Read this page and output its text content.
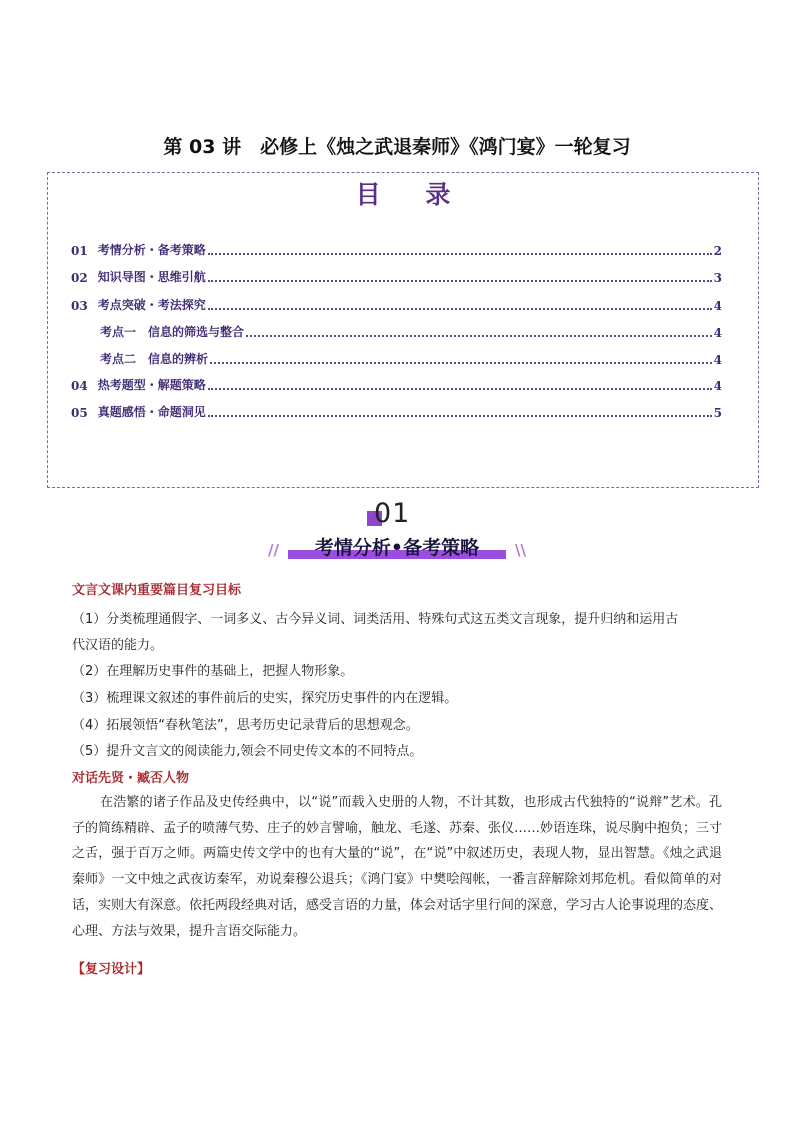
第 03 讲　必修上《烛之武退秦师》《鸿门宴》一轮复习
目 录
01 考情分析・备考策略	2
02 知识导图・思维引航	3
03 考点突破・考法探究	4
考点一　信息的筛选与整合	4
考点二　信息的辨析	4
04 热考题型・解题策略	4
05 真题感悟・命题洞见	5
01
//	考情分析•备考策略	\\
文言文课内重要篇目复习目标
（1）分类梳理通假字、一词多义、古今异义词、词类活用、特殊句式这五类文言现象，提升归纳和运用古
代汉语的能力。
（2）在理解历史事件的基础上，把握人物形象。
（3）梳理课文叙述的事件前后的史实，探究历史事件的内在逻辑。
（4）拓展领悟“春秋笔法”，思考历史记录背后的思想观念。
（5）提升文言文的阅读能力,领会不同史传文本的不同特点。
对话先贤・臧否人物
在浩繁的诸子作品及史传经典中，以“说”而载入史册的人物，不计其数，也形成古代独特的“说辩”艺术。孔子的简练精辟、孟子的喷薄气势、庄子的妙言譬喻，触龙、毛遂、苏秦、张仪……妙语连珠，说尽胸中抱负；三寸之舌，强于百万之师。两篇史传文学中的也有大量的“说”，在“说”中叙述历史，表现人物，显出智慧。《烛之武退秦师》一文中烛之武夜访秦军，劝说秦穆公退兵；《鸿门宴》中樊哙闯帐，一番言辞解除刘邦危机。看似简单的对话，实则大有深意。依托两段经典对话，感受言语的力量，体会对话字里行间的深意，学习古人论事说理的态度、心理、方法与效果，提升言语交际能力。
【复习设计】
